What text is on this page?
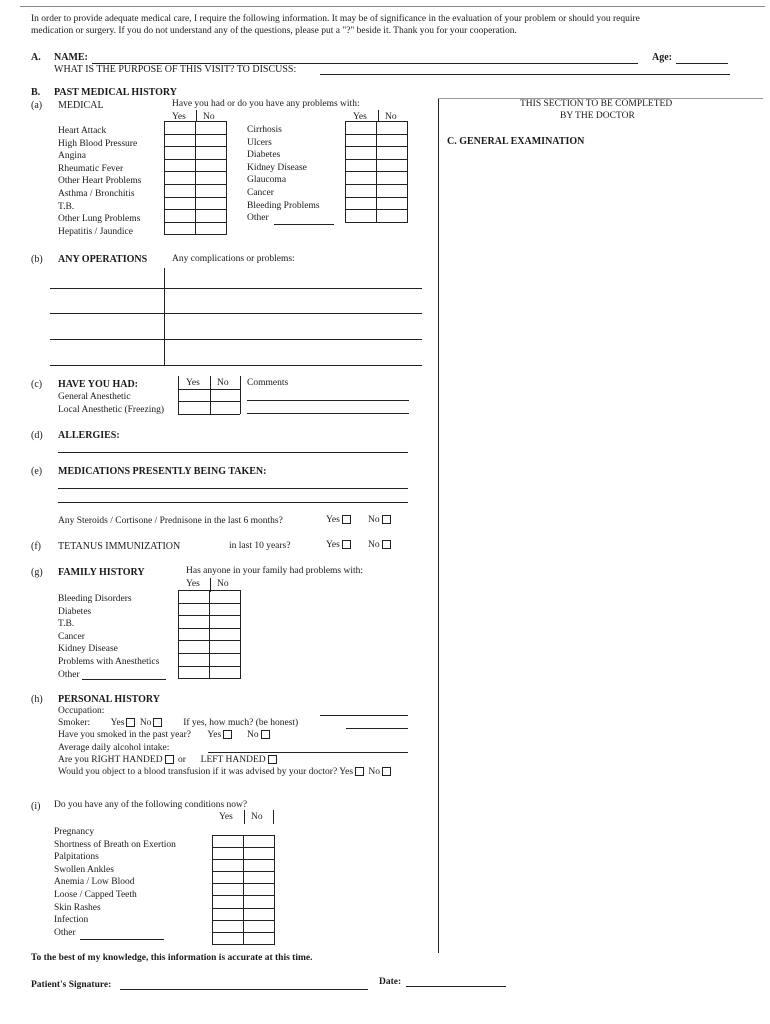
In order to provide adequate medical care, I require the following information. It may be of significance in the evaluation of your problem or should you require
medication or surgery. If you do not understand any of the questions, please put a "?" beside it. Thank you for your cooperation.
A. NAME:	Age:
WHAT IS THE PURPOSE OF THIS VISIT? TO DISCUSS:
B. PAST MEDICAL HISTORY
(a) MEDICAL	Have you had or do you have any problems with:
Yes No	Yes No
Heart Attack
High Blood Pressure
Angina
Rheumatic Fever
Other Heart Problems
Asthma / Bronchitis
T.B.
Other Lung Problems
Hepatitis / Jaundice
Cirrhosis
Ulcers
Diabetes
Kidney Disease
Glaucoma
Cancer
Bleeding Problems
Other

(b) ANY OPERATIONS	Any complications or problems:
(c) HAVE YOU HAD:	Yes No Comments
General Anesthetic
Local Anesthetic (Freezing)
(d) ALLERGIES:
(e) MEDICATIONS PRESENTLY BEING TAKEN:
Any Steroids / Cortisone / Prednisone in the last 6 months?	Yes	No
(f) TETANUS IMMUNIZATION	in last 10 years?	Yes	No
(g) FAMILY HISTORY	Has anyone in your family had problems with:
Yes No
Bleeding Disorders
Diabetes
T.B.
Cancer
Kidney Disease
Problems with Anesthetics
Other

(h) PERSONAL HISTORY
Occupation:
Smoker: Yes No	If yes, how much? (be honest)
Have you smoked in the past year? Yes	No
Average daily alcohol intake:
Are you RIGHT HANDED or LEFT HANDED
Would you object to a blood transfusion if it was advised by your doctor? Yes No
(i) Do you have any of the following conditions now?
Yes No
Pregnancy
Shortness of Breath on Exertion
Palpitations
Swollen Ankles
Anemia / Low Blood
Loose / Capped Teeth
Skin Rashes
Infection
Other

THIS SECTION TO BE COMPLETED
BY THE DOCTOR
C. GENERAL EXAMINATION
To the best of my knowledge, this information is accurate at this time.
Patient's Signature:	Date:
